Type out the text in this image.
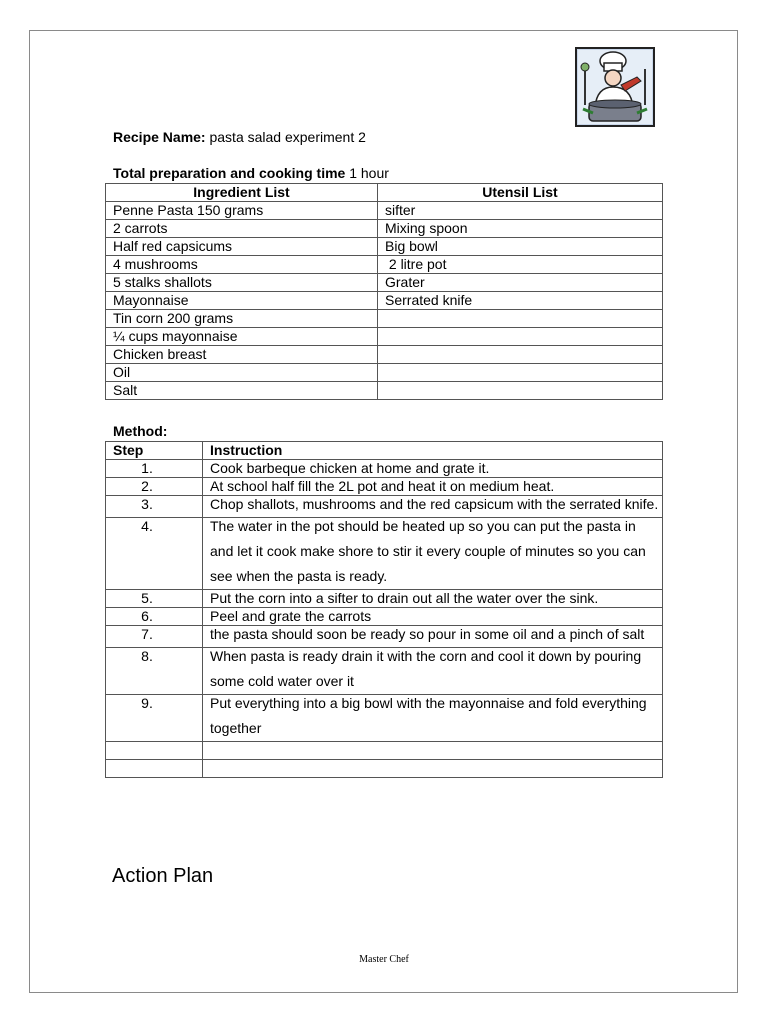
Recipe Name: pasta salad experiment 2
Total preparation and cooking time 1 hour
Ingredient List	Utensil List
Penne Pasta 150 grams	sifter
2 carrots	Mixing spoon
Half red capsicums	Big bowl
4 mushrooms	2 litre pot
5 stalks shallots	Grater
Mayonnaise	Serrated knife
Tin corn 200 grams	
¼ cups mayonnaise	
Chicken breast	
Oil	
Salt	
Method:
Step	Instruction
1.	Cook barbeque chicken at home and grate it.

2.	At school half fill the 2L pot and heat it on medium heat.

3.	Chop shallots, mushrooms and the red capsicum with the serrated knife.

4.	The water in the pot should be heated up so you can put the pasta in and let it cook make shore to stir it every couple of minutes so you can see when the pasta is ready.

5.	Put the corn into a sifter to drain out all the water over the sink.

6.	Peel and grate the carrots

7.	the pasta should soon be ready so pour in some oil and a pinch of salt

8.	When pasta is ready drain it with the corn and cool it down by pouring some cold water over it

9.	Put everything into a big bowl with the mayonnaise and fold everything together

Action Plan
Master Chef
